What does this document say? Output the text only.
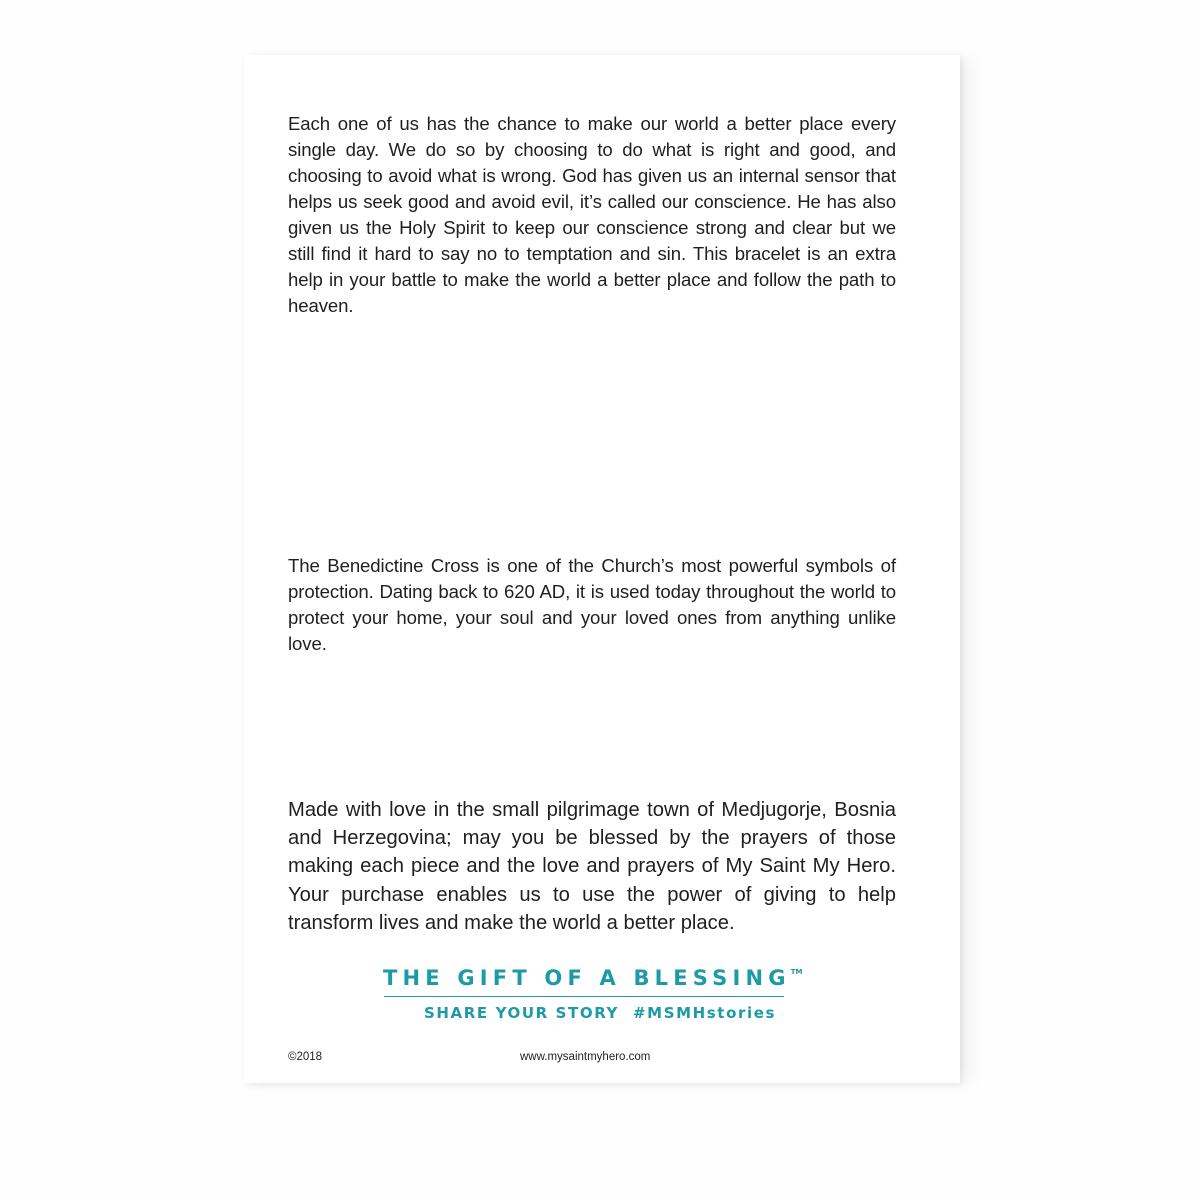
Each one of us has the chance to make our world a better place every single day. We do so by choosing to do what is right and good, and choosing to avoid what is wrong. God has given us an internal sensor that helps us seek good and avoid evil, it’s called our conscience. He has also given us the Holy Spirit to keep our conscience strong and clear but we still find it hard to say no to temptation and sin. This bracelet is an extra help in your battle to make the world a better place and follow the path to heaven.

The Benedictine Cross is one of the Church’s most powerful symbols of protection. Dating back to 620 AD, it is used today throughout the world to protect your home, your soul and your loved ones from anything unlike love.

Made with love in the small pilgrimage town of Medjugorje, Bosnia and Herzegovina; may you be blessed by the prayers of those making each piece and the love and prayers of My Saint My Hero. Your purchase enables us to use the power of giving to help transform lives and make the world a better place.

THE GIFT OF A BLESSING™

SHARE YOUR STORY #MSMHstories

©2018	www.mysaintmyhero.com
